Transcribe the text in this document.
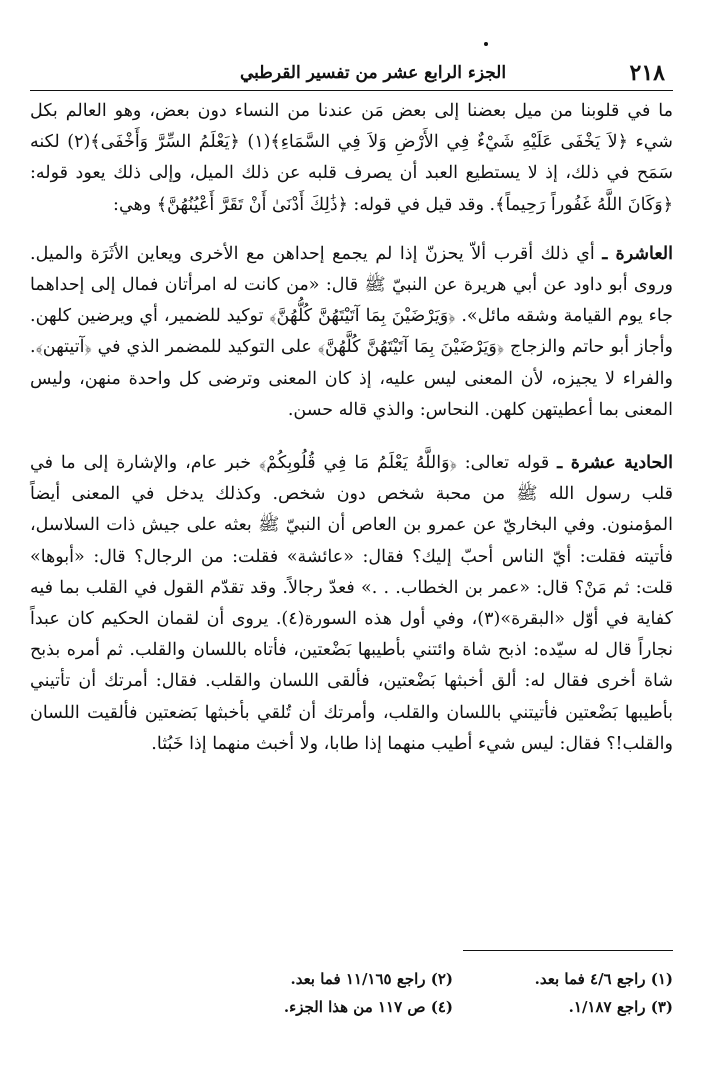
الجزء الرابع عشر من تفسير القرطبي	٢١٨

ما في قلوبنا من ميل بعضنا إلى بعض مَن عندنا من النساء دون بعض، وهو العالم بكل شيء ﴿لاَ يَخْفَى عَلَيْهِ شَيْءٌ فِي الأَرْضِ وَلاَ فِي السَّمَاءِ﴾(١) ﴿يَعْلَمُ السِّرَّ وَأَخْفَى﴾(٢) لكنه سَمَح في ذلك، إذ لا يستطيع العبد أن يصرف قلبه عن ذلك الميل، وإلى ذلك يعود قوله: ﴿وَكَانَ اللَّهُ غَفُوراً رَحِيماً﴾. وقد قيل في قوله: ﴿ذَٰلِكَ أَدْنَىٰ أَنْ تَقَرَّ أَعْيُنُهُنَّ﴾ وهي:

العاشرة ـ أي ذلك أقرب ألاّ يحزنّ إذا لم يجمع إحداهن مع الأخرى ويعاين الأثَرَة والميل. وروى أبو داود عن أبي هريرة عن النبيّ ﷺ قال: «من كانت له امرأتان فمال إلى إحداهما جاء يوم القيامة وشقه مائل». ﴿وَيَرْضَيْنَ بِمَا آتَيْتَهُنَّ كُلُّهُنَّ﴾ توكيد للضمير، أي ويرضين كلهن. وأجاز أبو حاتم والزجاج ﴿وَيَرْضَيْنَ بِمَا آتَيْتَهُنَّ كُلَّهُنَّ﴾ على التوكيد للمضمر الذي في ﴿آتيتهن﴾. والفراء لا يجيزه، لأن المعنى ليس عليه، إذ كان المعنى وترضى كل واحدة منهن، وليس المعنى بما أعطيتهن كلهن. النحاس: والذي قاله حسن.

الحادية عشرة ـ قوله تعالى: ﴿وَاللَّهُ يَعْلَمُ مَا فِي قُلُوبِكُمْ﴾ خبر عام، والإشارة إلى ما في قلب رسول الله ﷺ من محبة شخص دون شخص. وكذلك يدخل في المعنى أيضاً المؤمنون. وفي البخاريّ عن عمرو بن العاص أن النبيّ ﷺ بعثه على جيش ذات السلاسل، فأتيته فقلت: أيّ الناس أحبّ إليك؟ فقال: «عائشة» فقلت: من الرجال؟ قال: «أبوها» قلت: ثم مَنْ؟ قال: «عمر بن الخطاب. . .» فعدّ رجالاً. وقد تقدّم القول في القلب بما فيه كفاية في أوّل «البقرة»(٣)، وفي أول هذه السورة(٤). يروى أن لقمان الحكيم كان عبداً نجاراً قال له سيّده: اذبح شاة وائتني بأطيبها بَضْعتين، فأتاه باللسان والقلب. ثم أمره بذبح شاة أخرى فقال له: ألق أخبثها بَضْعتين، فألقى اللسان والقلب. فقال: أمرتك أن تأتيني بأطيبها بَضْعتين فأتيتني باللسان والقلب، وأمرتك أن تُلقي بأخبثها بَضعتين فألقيت اللسان والقلب!؟ فقال: ليس شيء أطيب منهما إذا طابا، ولا أخبث منهما إذا خَبُثا.

(١) راجع ٤/٦ فما بعد.
(٢) راجع ١١/١٦٥ فما بعد.
(٣) راجع ١/١٨٧.
(٤) ص ١١٧ من هذا الجزء.
